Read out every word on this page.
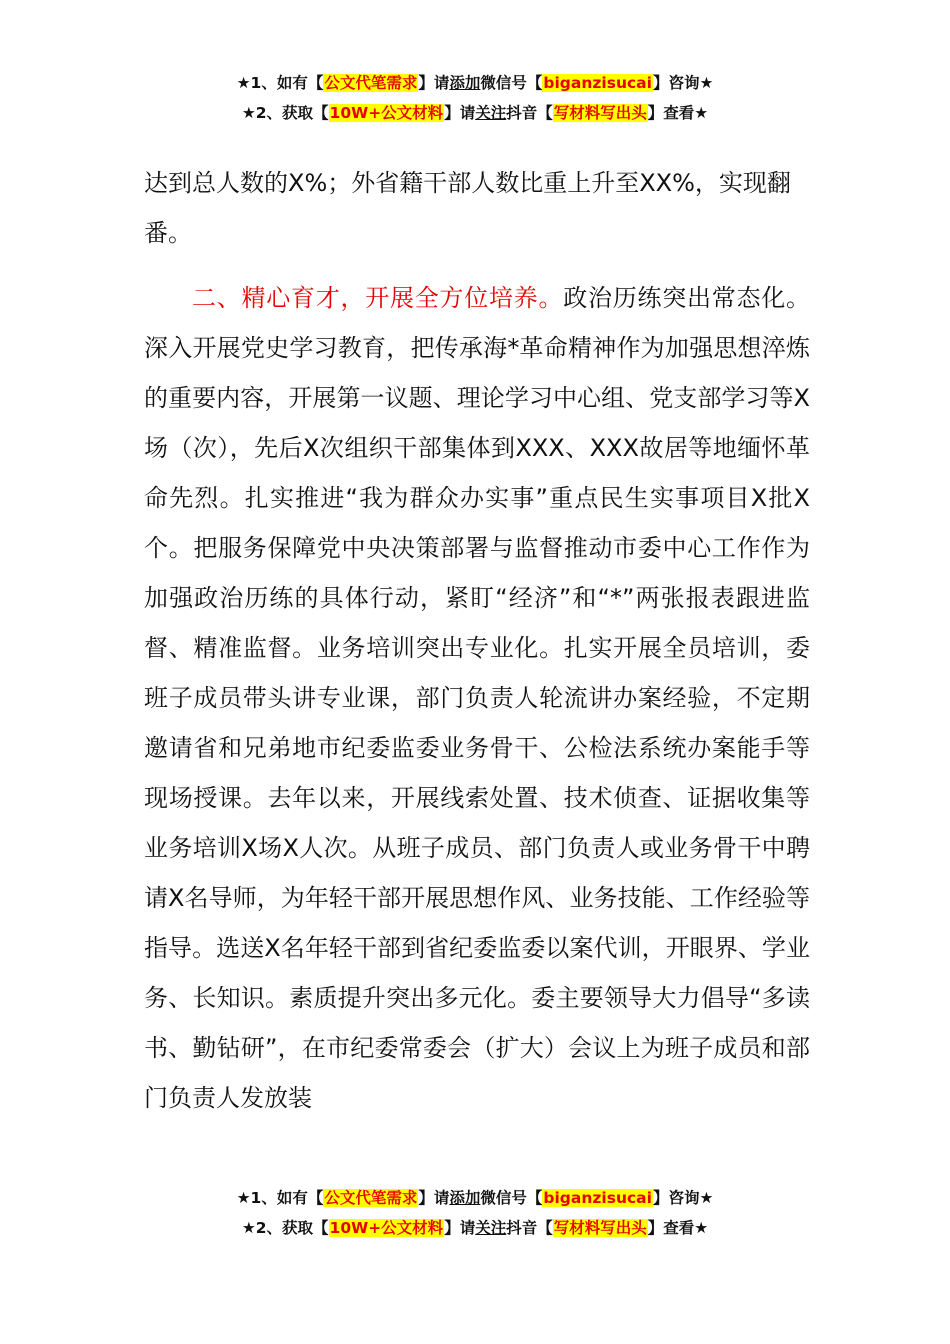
★1、如有【公文代笔需求】请添加微信号【biganzisucai】咨询★
★2、获取【10W+公文材料】请关注抖音【写材料写出头】查看★
达到总人数的X%；外省籍干部人数比重上升至XX%，实现翻番。
二、精心育才，开展全方位培养。政治历练突出常态化。深入开展党史学习教育，把传承海*革命精神作为加强思想淬炼的重要内容，开展第一议题、理论学习中心组、党支部学习等X场（次），先后X次组织干部集体到XXX、XXX故居等地缅怀革命先烈。扎实推进“我为群众办实事”重点民生实事项目X批X个。把服务保障党中央决策部署与监督推动市委中心工作作为加强政治历练的具体行动，紧盯“经济”和“*”两张报表跟进监督、精准监督。业务培训突出专业化。扎实开展全员培训，委班子成员带头讲专业课，部门负责人轮流讲办案经验，不定期邀请省和兄弟地市纪委监委业务骨干、公检法系统办案能手等现场授课。去年以来，开展线索处置、技术侦查、证据收集等业务培训X场X人次。从班子成员、部门负责人或业务骨干中聘请X名导师，为年轻干部开展思想作风、业务技能、工作经验等指导。选送X名年轻干部到省纪委监委以案代训，开眼界、学业务、长知识。素质提升突出多元化。委主要领导大力倡导“多读书、勤钻研”，在市纪委常委会（扩大）会议上为班子成员和部门负责人发放装
★1、如有【公文代笔需求】请添加微信号【biganzisucai】咨询★
★2、获取【10W+公文材料】请关注抖音【写材料写出头】查看★
